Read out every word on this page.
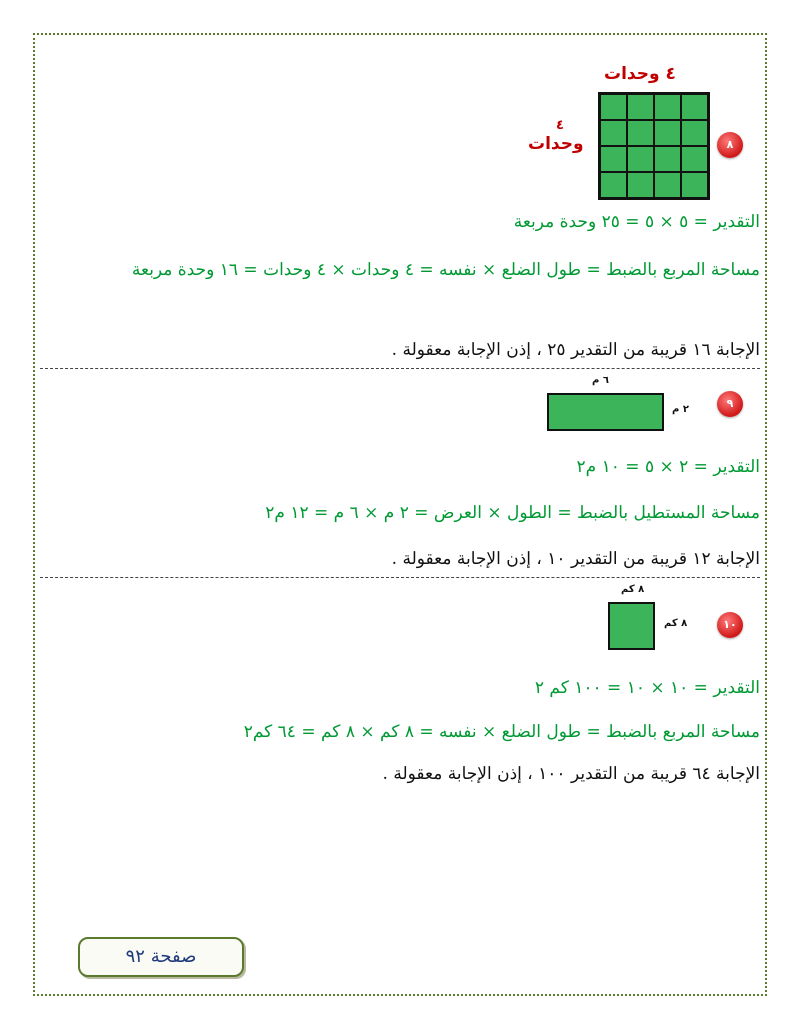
٨
٤ وحدات
٤
وحدات
التقدير = ٥ × ٥ = ٢٥ وحدة مربعة
مساحة المربع بالضبط = طول الضلع × نفسه = ٤ وحدات × ٤ وحدات = ١٦ وحدة مربعة
الإجابة ١٦ قريبة من التقدير ٢٥ ، إذن الإجابة معقولة .
٩
٦ م
٢ م
التقدير = ٢ × ٥ = ١٠ م٢
مساحة المستطيل بالضبط = الطول × العرض = ٢ م × ٦ م = ١٢ م٢
الإجابة ١٢ قريبة من التقدير ١٠ ، إذن الإجابة معقولة .
١٠
٨ كم
٨ كم
التقدير = ١٠ × ١٠ = ١٠٠ كم ٢
مساحة المربع بالضبط = طول الضلع × نفسه = ٨ كم × ٨ كم = ٦٤ كم٢
الإجابة ٦٤ قريبة من التقدير ١٠٠ ، إذن الإجابة معقولة .
صفحة ٩٢
